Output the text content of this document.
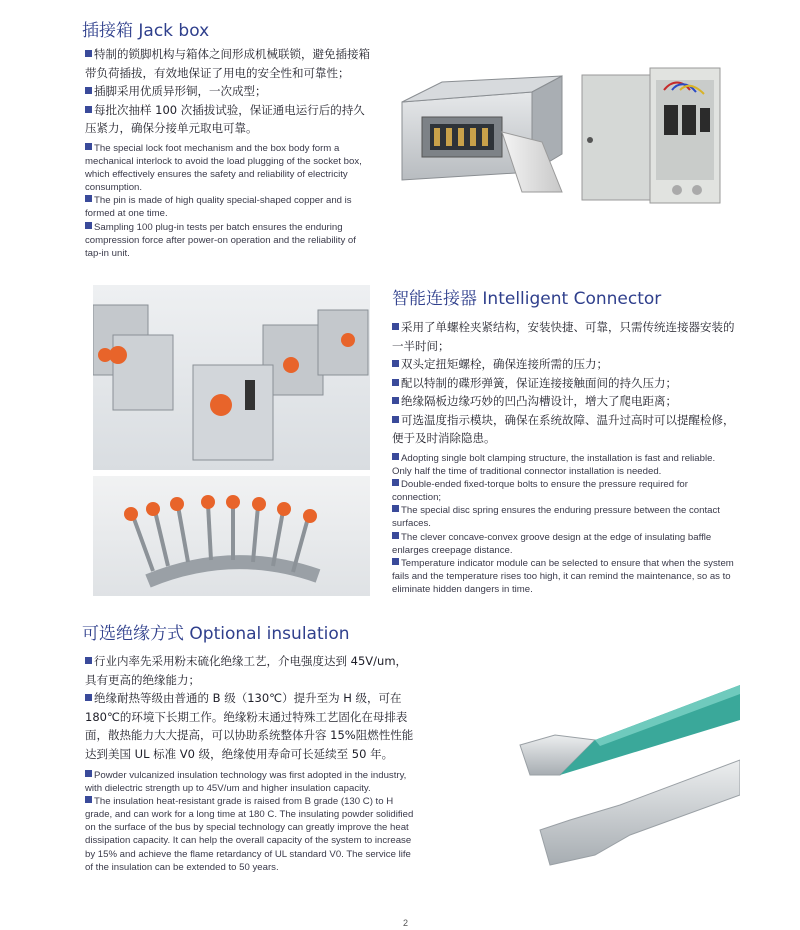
插接箱 Jack box

特制的锁脚机构与箱体之间形成机械联锁，避免插接箱带负荷插拔，有效地保证了用电的安全性和可靠性；

插脚采用优质异形铜，一次成型；

每批次抽样 100 次插拔试验，保证通电运行后的持久压紧力，确保分接单元取电可靠。

The special lock foot mechanism and the box body form a mechanical interlock to avoid the load plugging of the socket box, which effectively ensures the safety and reliability of electricity consumption.

The pin is made of high quality special-shaped copper and is formed at one time.

Sampling 100 plug-in tests per batch ensures the enduring compression force after power-on operation and the reliability of tap-in unit.

智能连接器 Intelligent Connector

采用了单螺栓夹紧结构，安装快捷、可靠，只需传统连接器安装的一半时间；

双头定扭矩螺栓，确保连接所需的压力；

配以特制的碟形弹簧，保证连接接触面间的持久压力；

绝缘隔板边缘巧妙的凹凸沟槽设计，增大了爬电距离；

可选温度指示模块，确保在系统故障、温升过高时可以提醒检修，便于及时消除隐患。

Adopting single bolt clamping structure, the installation is fast and reliable. Only half the time of traditional connector installation is needed.

Double-ended fixed-torque bolts to ensure the pressure required for connection;

The special disc spring ensures the enduring pressure between the contact surfaces.

The clever concave-convex groove design at the edge of insulating baffle enlarges creepage distance.

Temperature indicator module can be selected to ensure that when the system fails and the temperature rises too high, it can remind the maintenance, so as to eliminate hidden dangers in time.

可选绝缘方式 Optional insulation

行业内率先采用粉末硫化绝缘工艺，介电强度达到 45V/um，具有更高的绝缘能力；

绝缘耐热等级由普通的 B 级（130℃）提升至为 H 级，可在 180℃的环境下长期工作。绝缘粉末通过特殊工艺固化在母排表面，散热能力大大提高，可以协助系统整体升容 15%阻燃性性能达到美国 UL 标准 V0 级，绝缘使用寿命可长延续至 50 年。

Powder vulcanized insulation technology was first adopted in the industry, with dielectric strength up to 45V/um and higher insulation capacity.

The insulation heat-resistant grade is raised from B grade (130 C) to H grade, and can work for a long time at 180 C. The insulating powder solidified on the surface of the bus by special technology can greatly improve the heat dissipation capacity. It can help the overall capacity of the system to increase by 15% and achieve the flame retardancy of UL standard V0. The service life of the insulation can be extended to 50 years.

2
